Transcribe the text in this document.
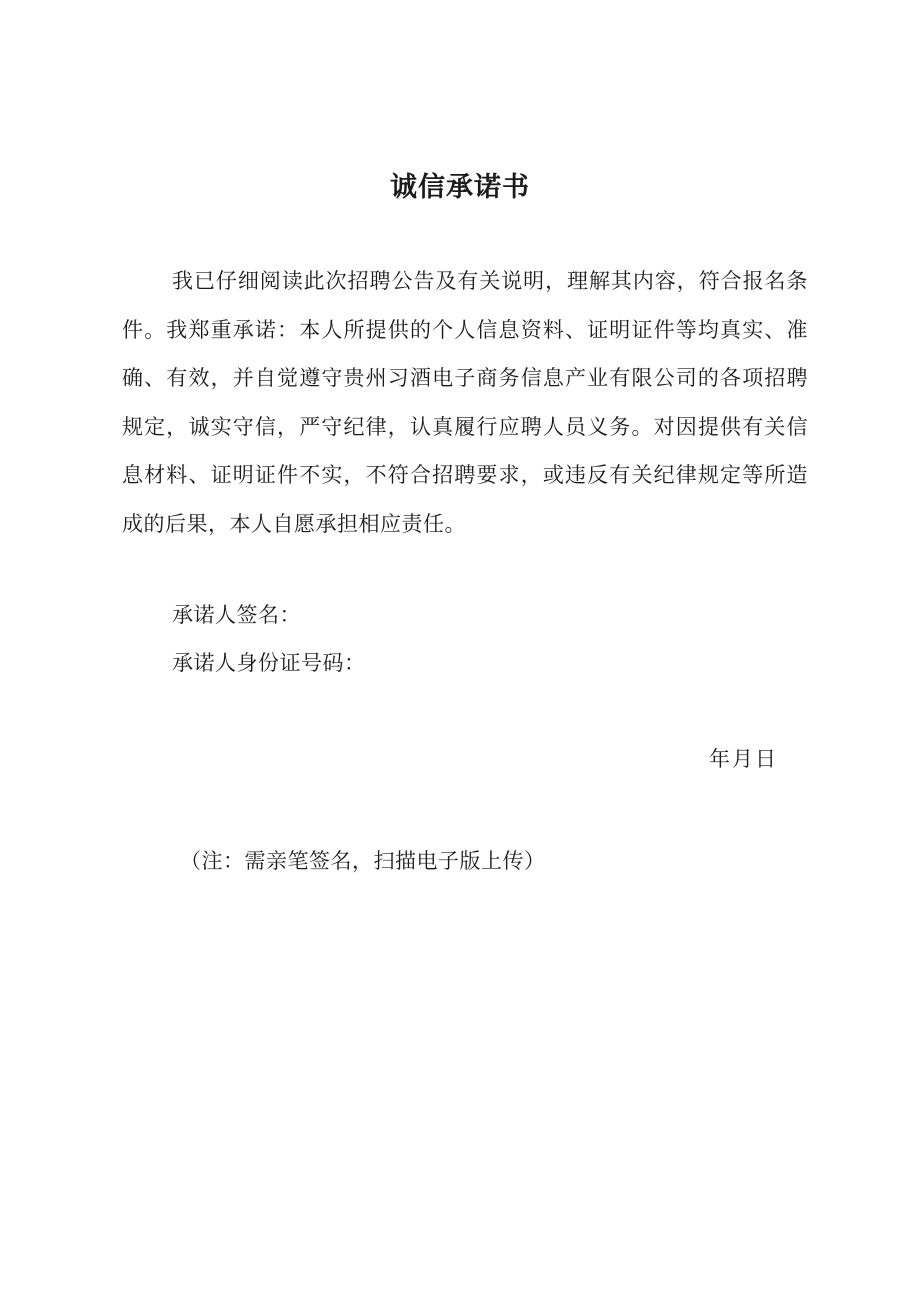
诚信承诺书

我已仔细阅读此次招聘公告及有关说明，理解其内容，符合报名条件。我郑重承诺：本人所提供的个人信息资料、证明证件等均真实、准确、有效，并自觉遵守贵州习酒电子商务信息产业有限公司的各项招聘规定，诚实守信，严守纪律，认真履行应聘人员义务。对因提供有关信息材料、证明证件不实，不符合招聘要求，或违反有关纪律规定等所造成的后果，本人自愿承担相应责任。

承诺人签名：
承诺人身份证号码：
年月日
（注：需亲笔签名，扫描电子版上传）
